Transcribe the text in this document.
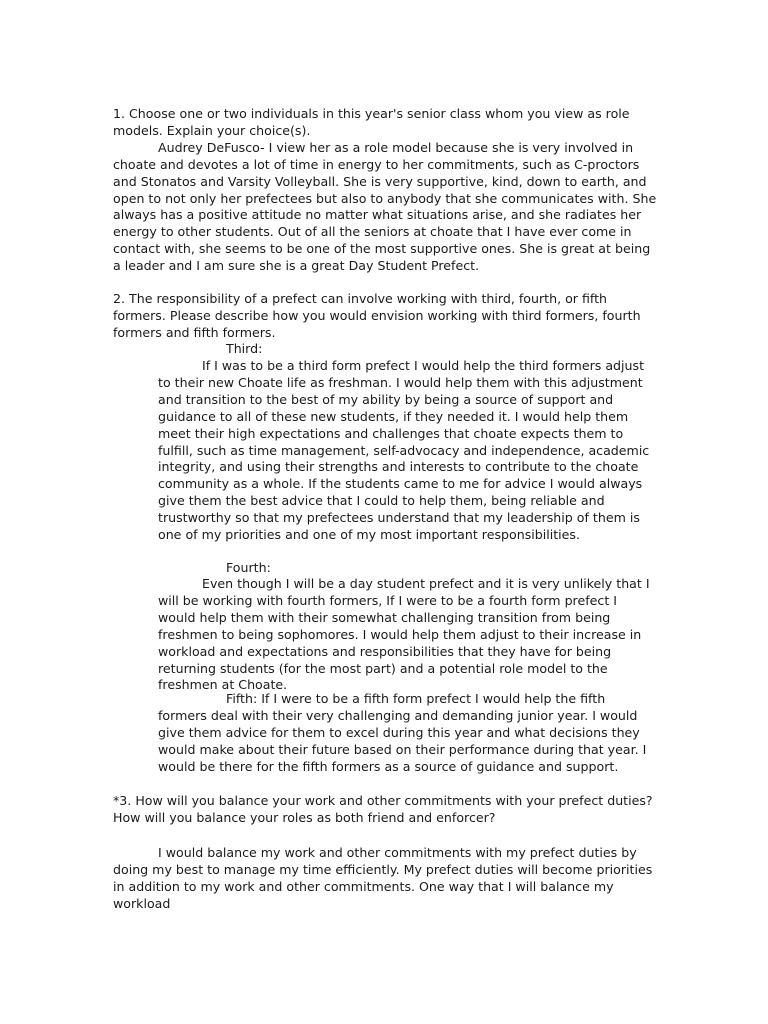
1. Choose one or two individuals in this year's senior class whom you view as role models. Explain your choice(s).
Audrey DeFusco- I view her as a role model because she is very involved in choate and devotes a lot of time in energy to her commitments, such as C-proctors and Stonatos and Varsity Volleyball. She is very supportive, kind, down to earth, and open to not only her prefectees but also to anybody that she communicates with. She always has a positive attitude no matter what situations arise, and she radiates her energy to other students. Out of all the seniors at choate that I have ever come in contact with, she seems to be one of the most supportive ones. She is great at being a leader and I am sure she is a great Day Student Prefect.
2. The responsibility of a prefect can involve working with third, fourth, or fifth formers. Please describe how you would envision working with third formers, fourth formers and fifth formers.
Third:
If I was to be a third form prefect I would help the third formers adjust to their new Choate life as freshman. I would help them with this adjustment and transition to the best of my ability by being a source of support and guidance to all of these new students, if they needed it. I would help them meet their high expectations and challenges that choate expects them to fulfill, such as time management, self-advocacy and independence, academic integrity, and using their strengths and interests to contribute to the choate community as a whole. If the students came to me for advice I would always give them the best advice that I could to help them, being reliable and trustworthy so that my prefectees understand that my leadership of them is one of my priorities and one of my most important responsibilities.
Fourth:
Even though I will be a day student prefect and it is very unlikely that I will be working with fourth formers, If I were to be a fourth form prefect I would help them with their somewhat challenging transition from being freshmen to being sophomores. I would help them adjust to their increase in workload and expectations and responsibilities that they have for being returning students (for the most part) and a potential role model to the freshmen at Choate.
Fifth: If I were to be a fifth form prefect I would help the fifth formers deal with their very challenging and demanding junior year. I would give them advice for them to excel during this year and what decisions they would make about their future based on their performance during that year. I would be there for the fifth formers as a source of guidance and support.
*3. How will you balance your work and other commitments with your prefect duties? How will you balance your roles as both friend and enforcer?
I would balance my work and other commitments with my prefect duties by doing my best to manage my time efficiently. My prefect duties will become priorities in addition to my work and other commitments. One way that I will balance my workload
